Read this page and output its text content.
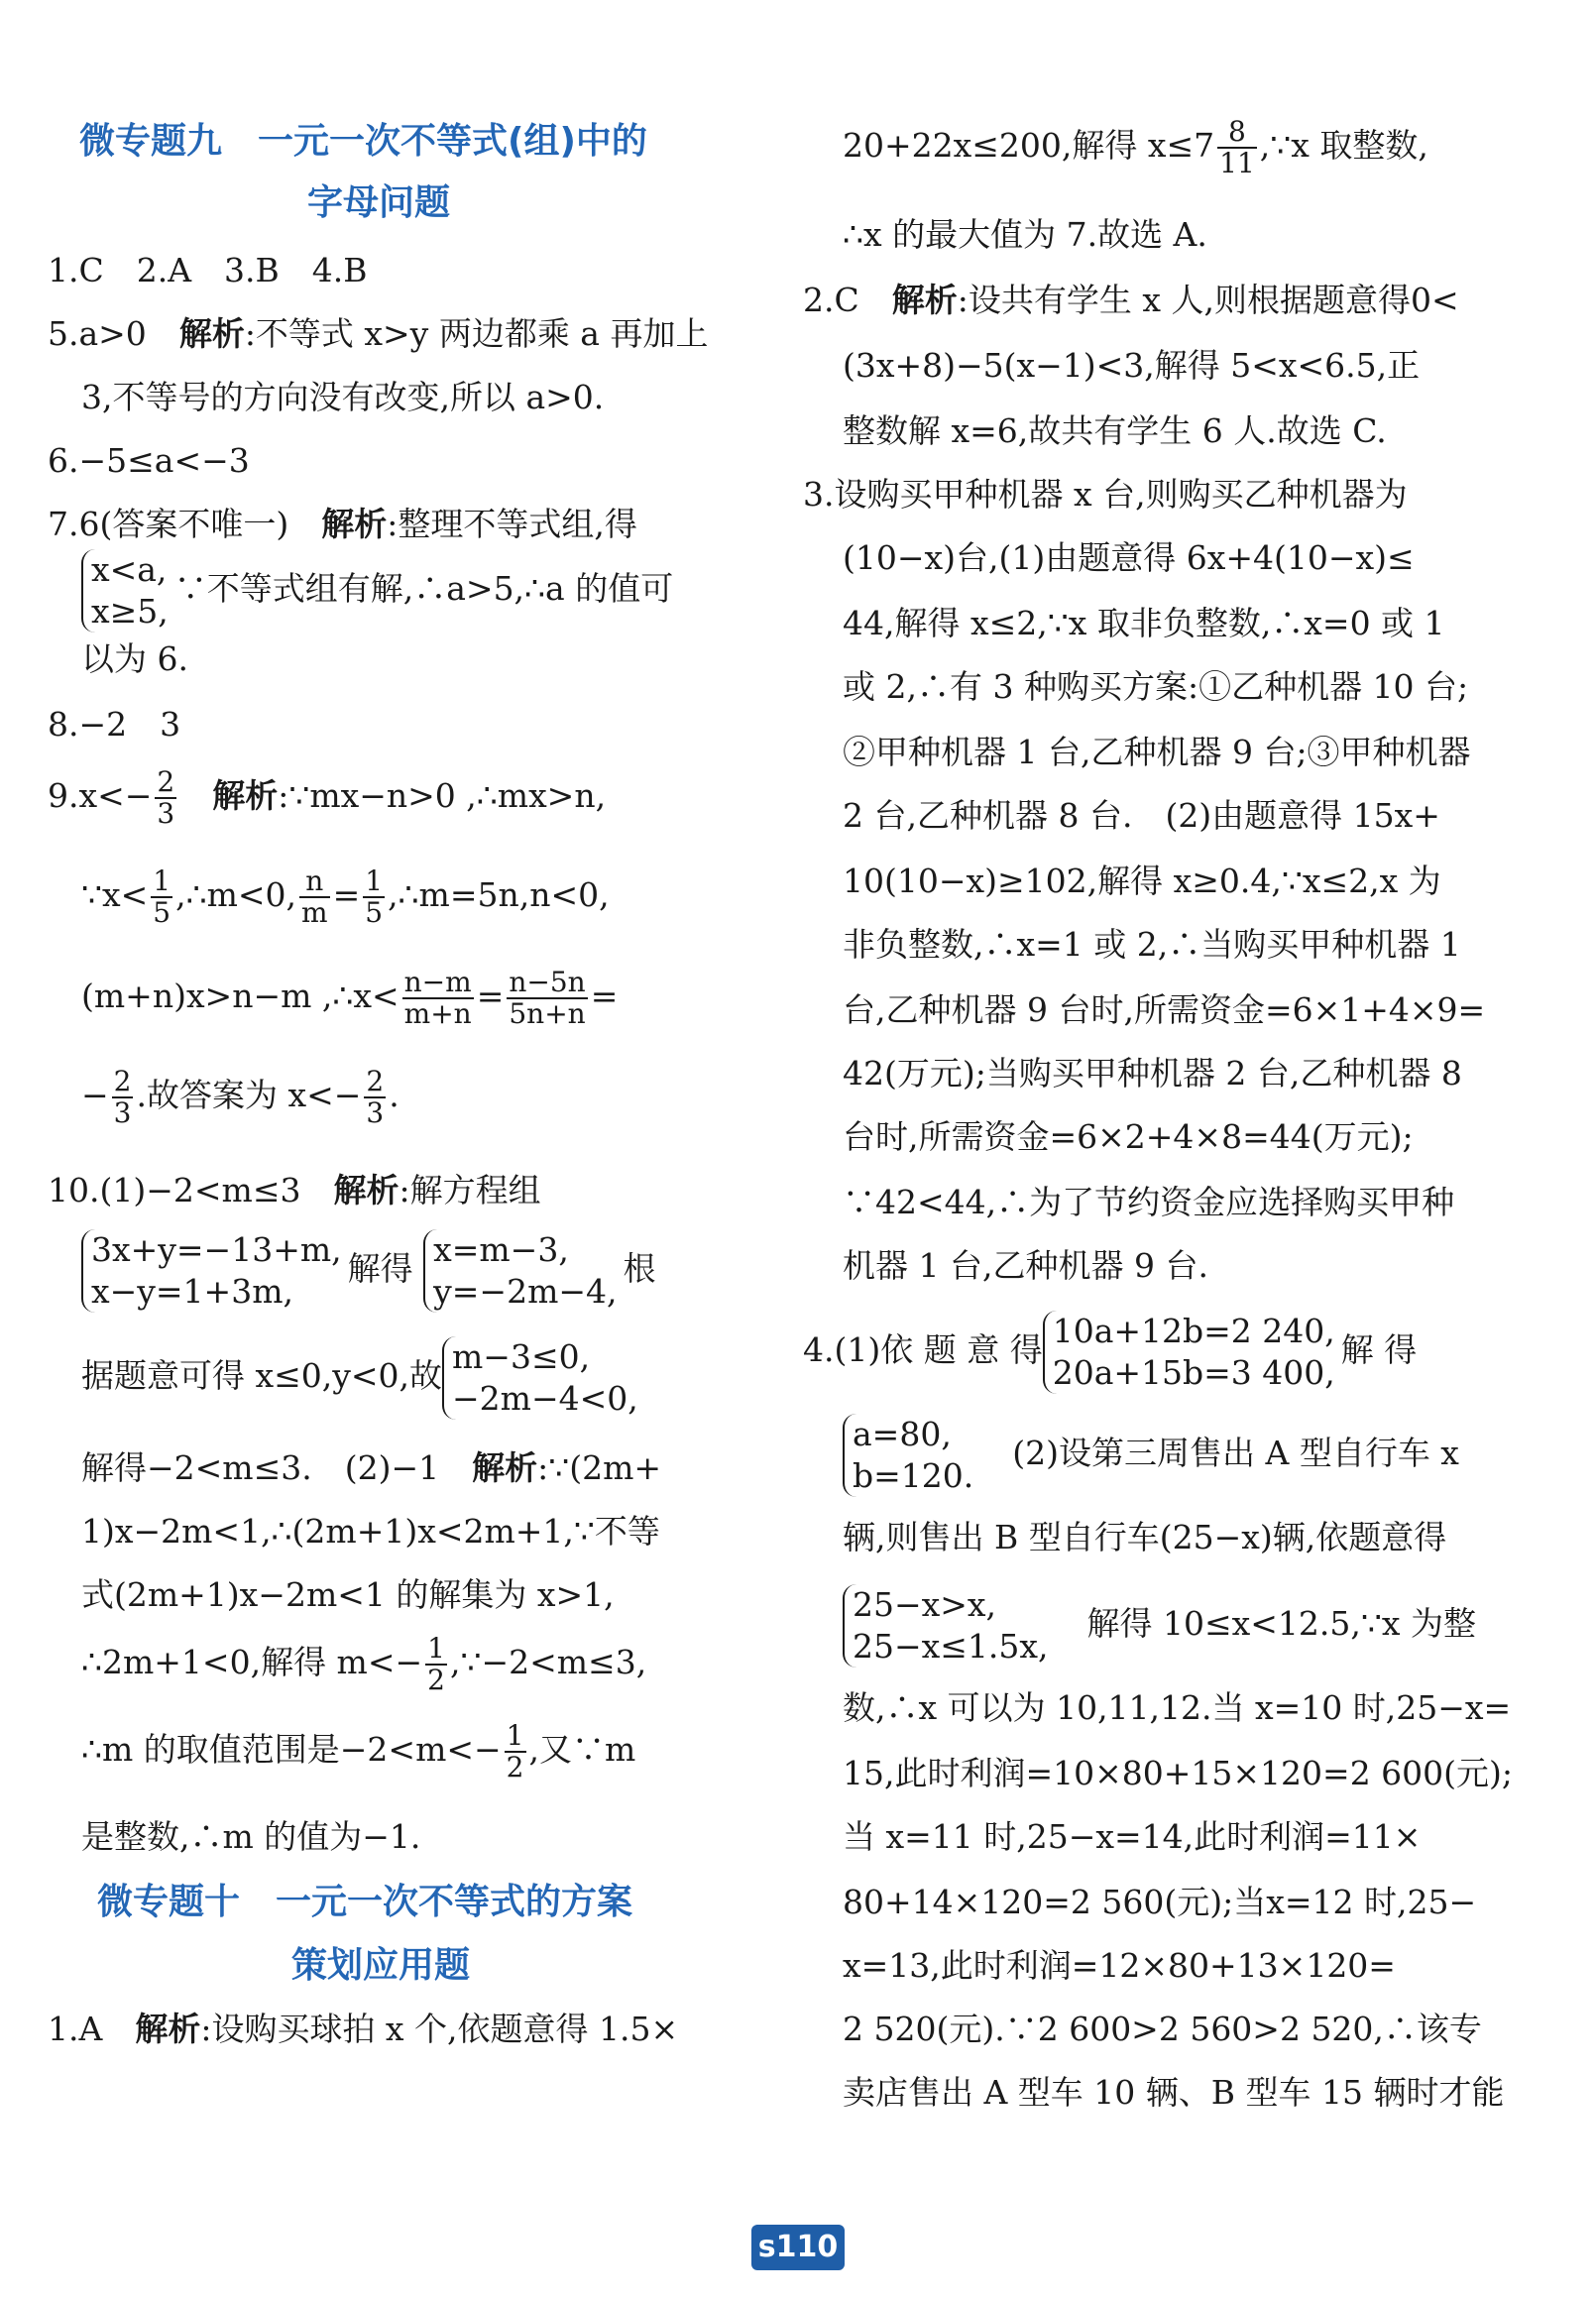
微专题九　一元一次不等式(组)中的
字母问题
1.C　2.A　3.B　4.B
5.a>0　解析:不等式 x>y 两边都乘 a 再加上
3,不等号的方向没有改变,所以 a>0.
6.−5≤a<−3
7.6(答案不唯一)　解析:整理不等式组,得
x<a,
x≥5,
∵不等式组有解,∴a>5,∴a 的值可
以为 6.
8.−2　3
$9.x<- \frac{2}{3}$
　 解析:∵mx−n>0 ,∴mx>n,
∵x< $\frac{1}{5}$ ,∴m<0, $\frac{n}{m} = \frac{1}{5}$ ,∴m=5n,n<0,
(m+n)x>n−m ,∴x< $\frac{n-m}{m+n} = \frac{n-5n}{5n+n}$ =
− $\frac{2}{3}$ .故答案为 $x<- \frac{2}{3}$ .
10.(1)−2<m≤3　解析:解方程组
3x+y=−13+m,
x−y=1+3m,
解得 x=m−3,
y=−2m−4,
根
据题意可得 x≤0,y<0,故 m−3≤0,
−2m−4<0,
解得−2<m≤3.　(2)−1　解析:∵(2m+
1)x−2m<1,∴(2m+1)x<2m+1,∵不等
式(2m+1)x−2m<1 的解集为 x>1,
∴2m+1<0,解得 $m<- \frac{1}{2}$ ,∵−2<m≤3,
∴m 的取值范围是$-2<m<- \frac{1}{2}$ ,又∵m
是整数,∴m 的值为−1.
微专题十　一元一次不等式的方案
策划应用题
1.A　解析:设购买球拍 x 个,依题意得 1.5×
20+22x≤200,解得 $x\le 7 \frac{8}{11}$ ,∵x 取整数,
∴x 的最大值为 7.故选 A.
2.C　解析:设共有学生 x 人,则根据题意得0<
(3x+8)−5(x−1)<3,解得 5<x<6.5,正
整数解 x=6,故共有学生 6 人.故选 C.
3.设购买甲种机器 x 台,则购买乙种机器为
(10−x)台,(1)由题意得 6x+4(10−x)≤
44,解得 x≤2,∵x 取非负整数,∴x=0 或 1
或 2,∴有 3 种购买方案:①乙种机器 10 台;
②甲种机器 1 台,乙种机器 9 台;③甲种机器
2 台,乙种机器 8 台.　(2)由题意得 15x+
10(10−x)≥102,解得 x≥0.4,∵x≤2,x 为
非负整数,∴x=1 或 2,∴当购买甲种机器 1
台,乙种机器 9 台时,所需资金=6×1+4×9=
42(万元);当购买甲种机器 2 台,乙种机器 8
台时,所需资金=6×2+4×8=44(万元);
∵42<44,∴为了节约资金应选择购买甲种
机器 1 台,乙种机器 9 台.
4.(1)依 题 意 得 10a+12b=2 240,
20a+15b=3 400,
解 得
a=80,
b=120.
　(2)设第三周售出 A 型自行车 x
辆,则售出 B 型自行车(25−x)辆,依题意得
25−x>x,
25−x≤1.5x,
　解得 10≤x<12.5,∵x 为整
数,∴x 可以为 10,11,12.当 x=10 时,25−x=
15,此时利润=10×80+15×120=2 600(元);
当 x=11 时,25−x=14,此时利润=11×
80+14×120=2 560(元);当x=12 时,25−
x=13,此时利润=12×80+13×120=
2 520(元).∵2 600>2 560>2 520,∴该专
卖店售出 A 型车 10 辆、B 型车 15 辆时才能
s110
